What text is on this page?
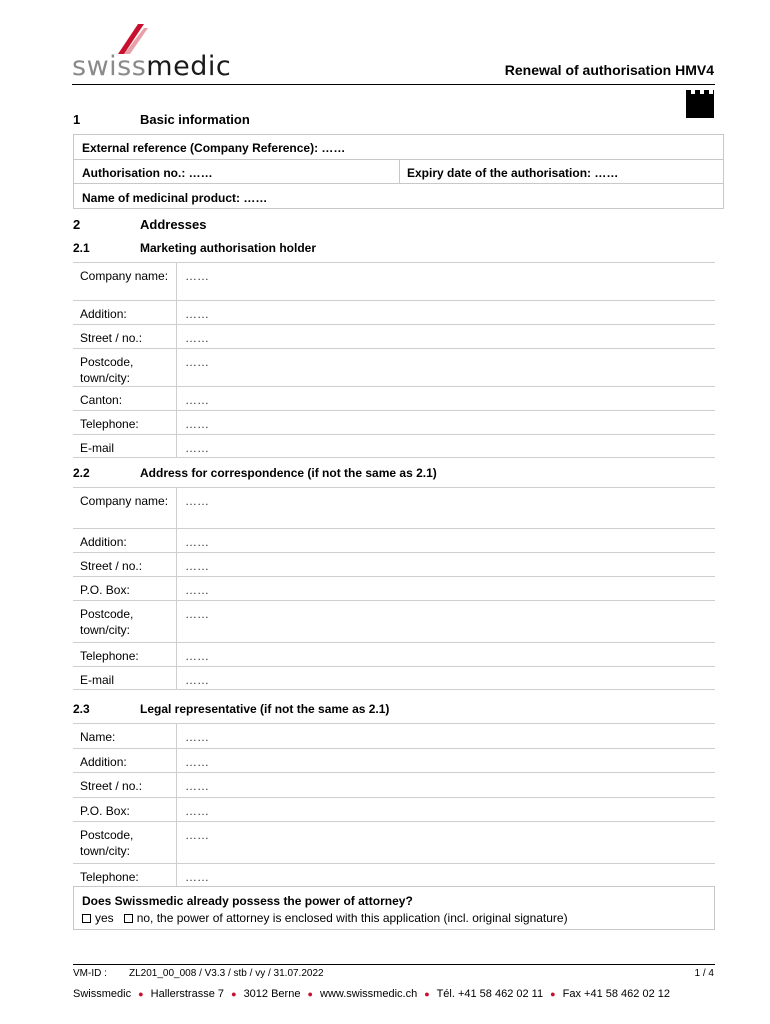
swissmedic	Renewal of authorisation HMV4
1	Basic information
External reference (Company Reference): ……
Authorisation no.: ……	Expiry date of the authorisation: ……
Name of medicinal product: ……
2	Addresses
2.1	Marketing authorisation holder
Company name:	……
Addition:	……
Street / no.:	……
Postcode, town/city:	……
Canton:	……
Telephone:	……
E-mail	……
2.2	Address for correspondence (if not the same as 2.1)
Company name:	……
Addition:	……
Street / no.:	……
P.O. Box:	……
Postcode, town/city:	……
Telephone:	……
E-mail	……
2.3	Legal representative (if not the same as 2.1)
Name:	……
Addition:	……
Street / no.:	……
P.O. Box:	……
Postcode, town/city:	……
Telephone:	……
Does Swissmedic already possess the power of attorney?
yes no, the power of attorney is enclosed with this application (incl. original signature)
VM-ID : ZL201_00_008 / V3.3 / stb / vy / 31.07.2022	1 / 4
Swissmedic ● Hallerstrasse 7 ● 3012 Berne ● www.swissmedic.ch ● Tél. +41 58 462 02 11 ● Fax +41 58 462 02 12
